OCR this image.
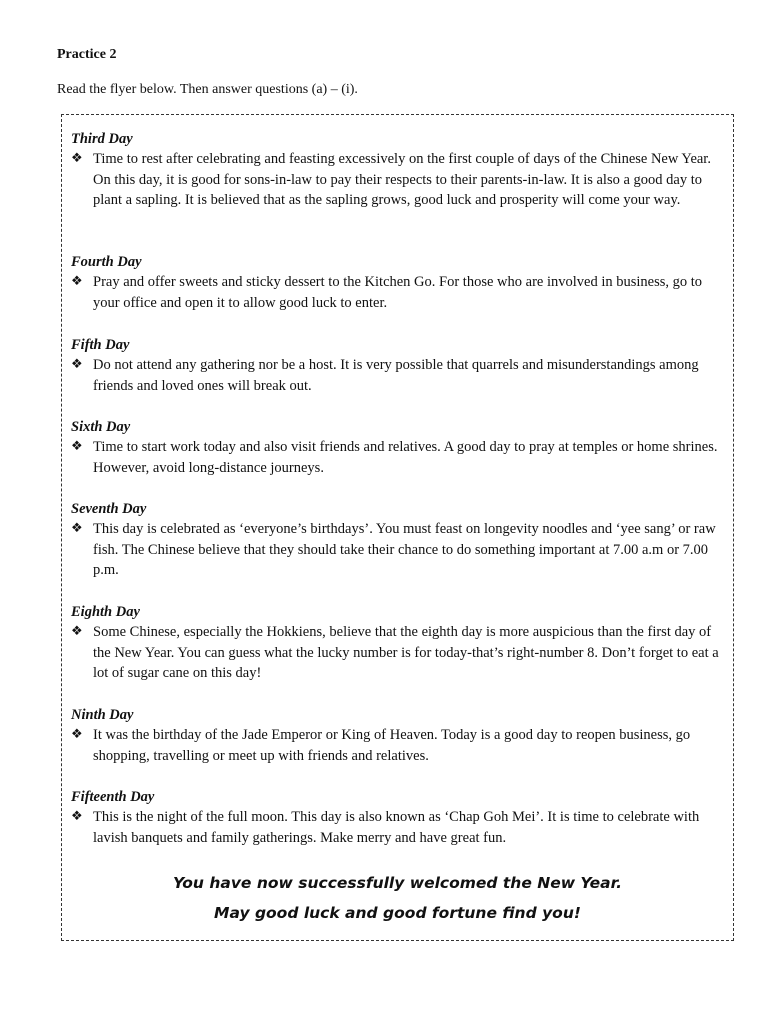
Practice 2
Read the flyer below. Then answer questions (a) – (i).
Third Day
❖ Time to rest after celebrating and feasting excessively on the first couple of days of the Chinese New Year. On this day, it is good for sons-in-law to pay their respects to their parents-in-law. It is also a good day to plant a sapling. It is believed that as the sapling grows, good luck and prosperity will come your way.
Fourth Day
❖ Pray and offer sweets and sticky dessert to the Kitchen Go. For those who are involved in business, go to your office and open it to allow good luck to enter.
Fifth Day
❖ Do not attend any gathering nor be a host. It is very possible that quarrels and misunderstandings among friends and loved ones will break out.
Sixth Day
❖ Time to start work today and also visit friends and relatives. A good day to pray at temples or home shrines. However, avoid long-distance journeys.
Seventh Day
❖ This day is celebrated as ‘everyone’s birthdays’. You must feast on longevity noodles and ‘yee sang’ or raw fish. The Chinese believe that they should take their chance to do something important at 7.00 a.m or 7.00 p.m.
Eighth Day
❖ Some Chinese, especially the Hokkiens, believe that the eighth day is more auspicious than the first day of the New Year. You can guess what the lucky number is for today-that’s right-number 8. Don’t forget to eat a lot of sugar cane on this day!
Ninth Day
❖ It was the birthday of the Jade Emperor or King of Heaven. Today is a good day to reopen business, go shopping, travelling or meet up with friends and relatives.
Fifteenth Day
❖ This is the night of the full moon. This day is also known as ‘Chap Goh Mei’. It is time to celebrate with lavish banquets and family gatherings. Make merry and have great fun.
You have now successfully welcomed the New Year.
May good luck and good fortune find you!
